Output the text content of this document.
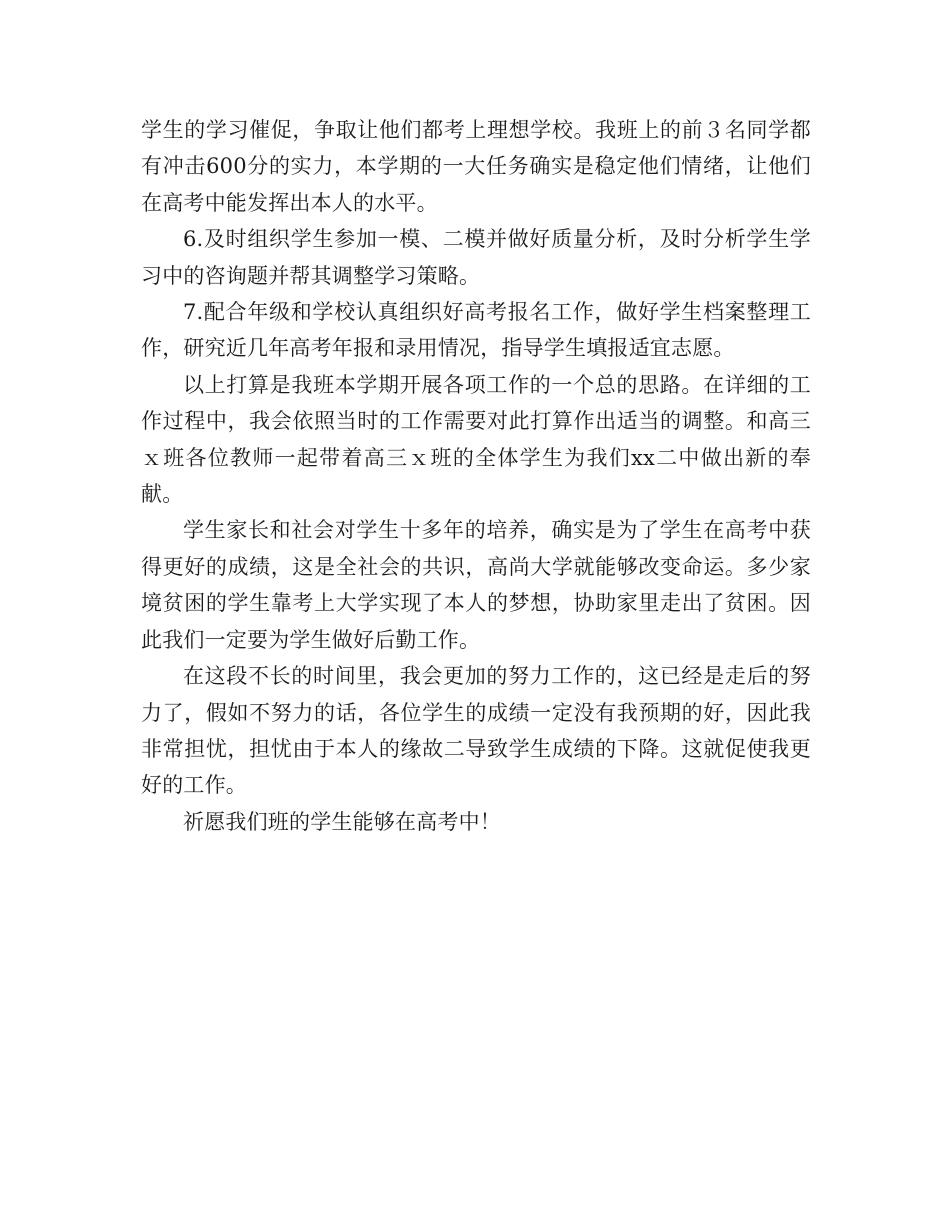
学生的学习催促，争取让他们都考上理想学校。我班上的前３名同学都有冲击600分的实力，本学期的一大任务确实是稳定他们情绪，让他们在高考中能发挥出本人的水平。

6.及时组织学生参加一模、二模并做好质量分析，及时分析学生学习中的咨询题并帮其调整学习策略。

7.配合年级和学校认真组织好高考报名工作，做好学生档案整理工作，研究近几年高考年报和录用情况，指导学生填报适宜志愿。

以上打算是我班本学期开展各项工作的一个总的思路。在详细的工作过程中，我会依照当时的工作需要对此打算作出适当的调整。和高三ｘ班各位教师一起带着高三ｘ班的全体学生为我们xx二中做出新的奉献。

学生家长和社会对学生十多年的培养，确实是为了学生在高考中获得更好的成绩，这是全社会的共识，高尚大学就能够改变命运。多少家境贫困的学生靠考上大学实现了本人的梦想，协助家里走出了贫困。因此我们一定要为学生做好后勤工作。

在这段不长的时间里，我会更加的努力工作的，这已经是走后的努力了，假如不努力的话，各位学生的成绩一定没有我预期的好，因此我非常担忧，担忧由于本人的缘故二导致学生成绩的下降。这就促使我更好的工作。

祈愿我们班的学生能够在高考中！
